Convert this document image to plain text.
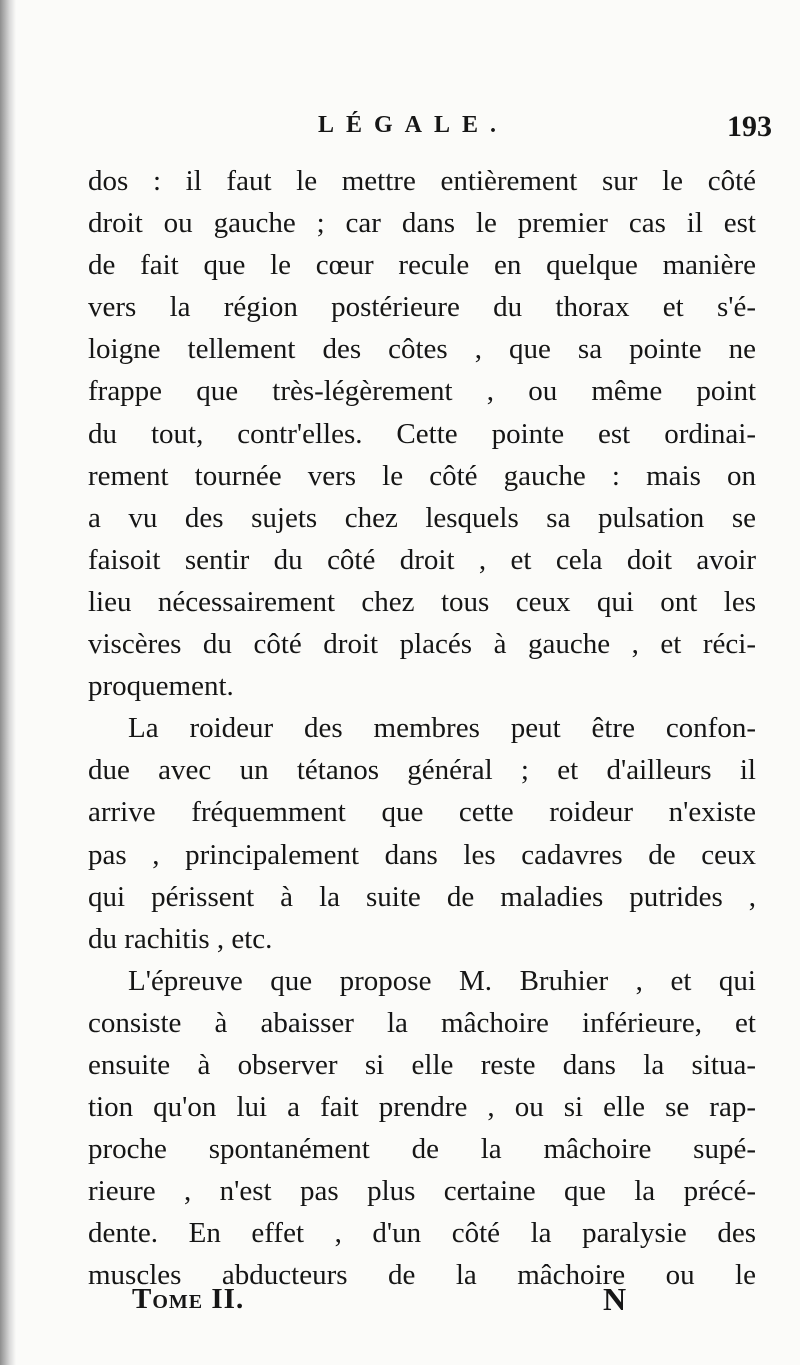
LÉGALE.	193
dos : il faut le mettre entièrement sur le côté
droit ou gauche ; car dans le premier cas il est
de fait que le cœur recule en quelque manière
vers la région postérieure du thorax et s'é-
loigne tellement des côtes , que sa pointe ne
frappe que très-légèrement , ou même point
du tout, contr'elles. Cette pointe est ordinai-
rement tournée vers le côté gauche : mais on
a vu des sujets chez lesquels sa pulsation se
faisoit sentir du côté droit , et cela doit avoir
lieu nécessairement chez tous ceux qui ont les
viscères du côté droit placés à gauche , et réci-
proquement.
La roideur des membres peut être confon-
due avec un tétanos général ; et d'ailleurs il
arrive fréquemment que cette roideur n'existe
pas , principalement dans les cadavres de ceux
qui périssent à la suite de maladies putrides ,
du rachitis , etc.
L'épreuve que propose M. Bruhier , et qui
consiste à abaisser la mâchoire inférieure, et
ensuite à observer si elle reste dans la situa-
tion qu'on lui a fait prendre , ou si elle se rap-
proche spontanément de la mâchoire supé-
rieure , n'est pas plus certaine que la précé-
dente. En effet , d'un côté la paralysie des
muscles abducteurs de la mâchoire ou le
Tome II.	N
